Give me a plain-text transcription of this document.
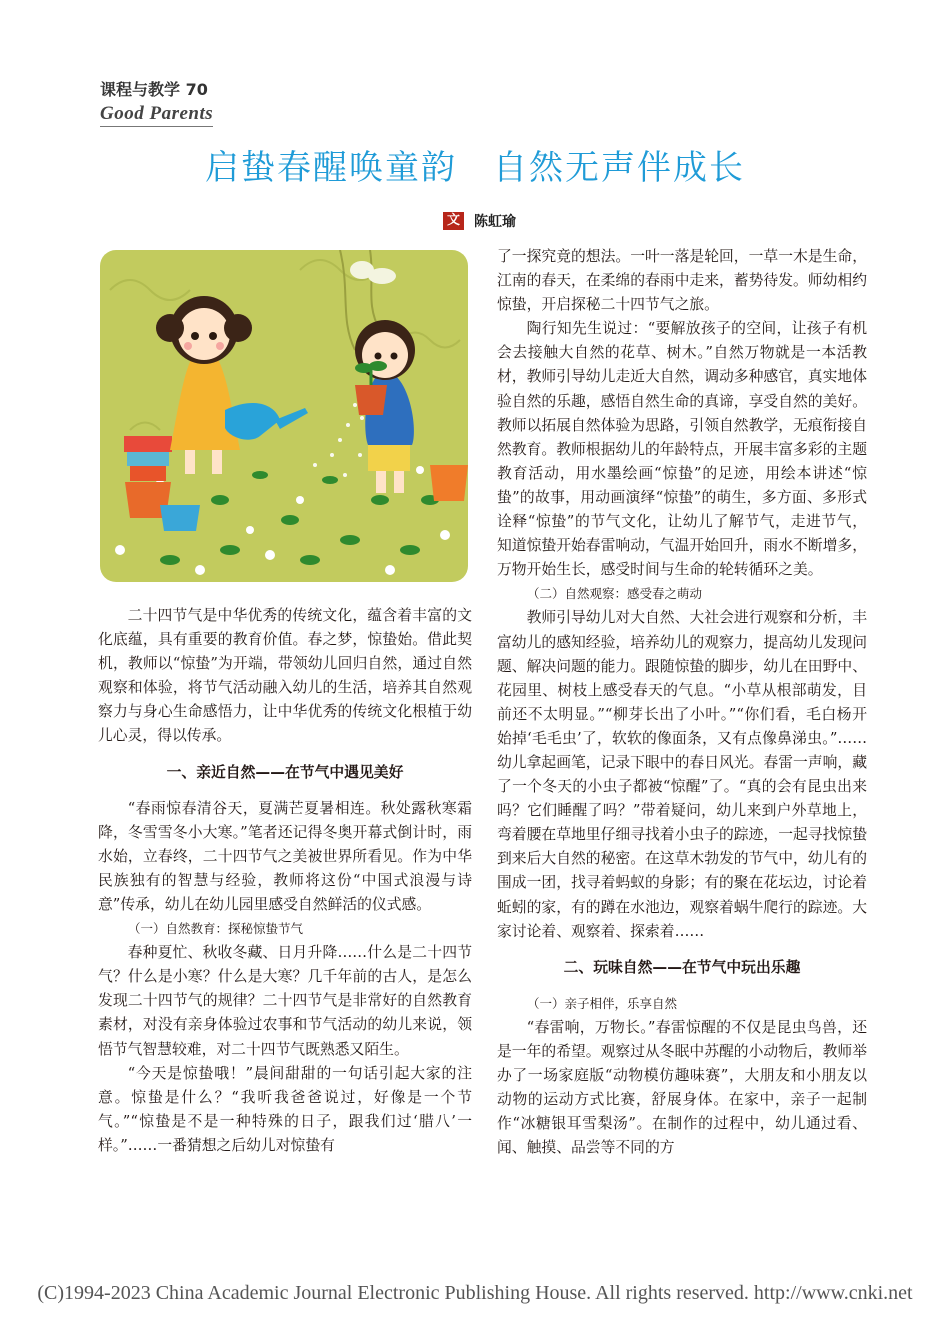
课程与教学 70
Good Parents
启蛰春醒唤童韵　自然无声伴成长
文 陈虹瑜

二十四节气是中华优秀的传统文化，蕴含着丰富的文化底蕴，具有重要的教育价值。春之梦，惊蛰始。借此契机，教师以“惊蛰”为开端，带领幼儿回归自然，通过自然观察和体验，将节气活动融入幼儿的生活，培养其自然观察力与身心生命感悟力，让中华优秀的传统文化根植于幼儿心灵，得以传承。

一、亲近自然——在节气中遇见美好

“春雨惊春清谷天，夏满芒夏暑相连。秋处露秋寒霜降，冬雪雪冬小大寒。”笔者还记得冬奥开幕式倒计时，雨水始，立春终，二十四节气之美被世界所看见。作为中华民族独有的智慧与经验，教师将这份“中国式浪漫与诗意”传承，幼儿在幼儿园里感受自然鲜活的仪式感。

（一）自然教育：探秘惊蛰节气

春种夏忙、秋收冬藏、日月升降……什么是二十四节气？什么是小寒？什么是大寒？几千年前的古人，是怎么发现二十四节气的规律？二十四节气是非常好的自然教育素材，对没有亲身体验过农事和节气活动的幼儿来说，领悟节气智慧较难，对二十四节气既熟悉又陌生。

“今天是惊蛰哦！”晨间甜甜的一句话引起大家的注意。惊蛰是什么？“我听我爸爸说过，好像是一个节气。”“惊蛰是不是一种特殊的日子，跟我们过‘腊八’一样。”……一番猜想之后幼儿对惊蛰有

了一探究竟的想法。一叶一落是轮回，一草一木是生命，江南的春天，在柔绵的春雨中走来，蓄势待发。师幼相约惊蛰，开启探秘二十四节气之旅。

陶行知先生说过：“要解放孩子的空间，让孩子有机会去接触大自然的花草、树木。”自然万物就是一本活教材，教师引导幼儿走近大自然，调动多种感官，真实地体验自然的乐趣，感悟自然生命的真谛，享受自然的美好。教师以拓展自然体验为思路，引领自然教学，无痕衔接自然教育。教师根据幼儿的年龄特点，开展丰富多彩的主题教育活动，用水墨绘画“惊蛰”的足迹，用绘本讲述“惊蛰”的故事，用动画演绎“惊蛰”的萌生，多方面、多形式诠释“惊蛰”的节气文化，让幼儿了解节气，走进节气，知道惊蛰开始春雷响动，气温开始回升，雨水不断增多，万物开始生长，感受时间与生命的轮转循环之美。

（二）自然观察：感受春之萌动

教师引导幼儿对大自然、大社会进行观察和分析，丰富幼儿的感知经验，培养幼儿的观察力，提高幼儿发现问题、解决问题的能力。跟随惊蛰的脚步，幼儿在田野中、花园里、树枝上感受春天的气息。“小草从根部萌发，目前还不太明显。”“柳芽长出了小叶。”“你们看，毛白杨开始掉‘毛毛虫’了，软软的像面条，又有点像鼻涕虫。”……幼儿拿起画笔，记录下眼中的春日风光。春雷一声响，藏了一个冬天的小虫子都被“惊醒”了。“真的会有昆虫出来吗？它们睡醒了吗？”带着疑问，幼儿来到户外草地上，弯着腰在草地里仔细寻找着小虫子的踪迹，一起寻找惊蛰到来后大自然的秘密。在这草木勃发的节气中，幼儿有的围成一团，找寻着蚂蚁的身影；有的聚在花坛边，讨论着蚯蚓的家，有的蹲在水池边，观察着蜗牛爬行的踪迹。大家讨论着、观察着、探索着……

二、玩味自然——在节气中玩出乐趣
（一）亲子相伴，乐享自然

“春雷响，万物长。”春雷惊醒的不仅是昆虫鸟兽，还是一年的希望。观察过从冬眠中苏醒的小动物后，教师举办了一场家庭版“动物模仿趣味赛”，大朋友和小朋友以动物的运动方式比赛，舒展身体。在家中，亲子一起制作“冰糖银耳雪梨汤”。在制作的过程中，幼儿通过看、闻、触摸、品尝等不同的方

(C)1994-2023 China Academic Journal Electronic Publishing House. All rights reserved. http://www.cnki.net
